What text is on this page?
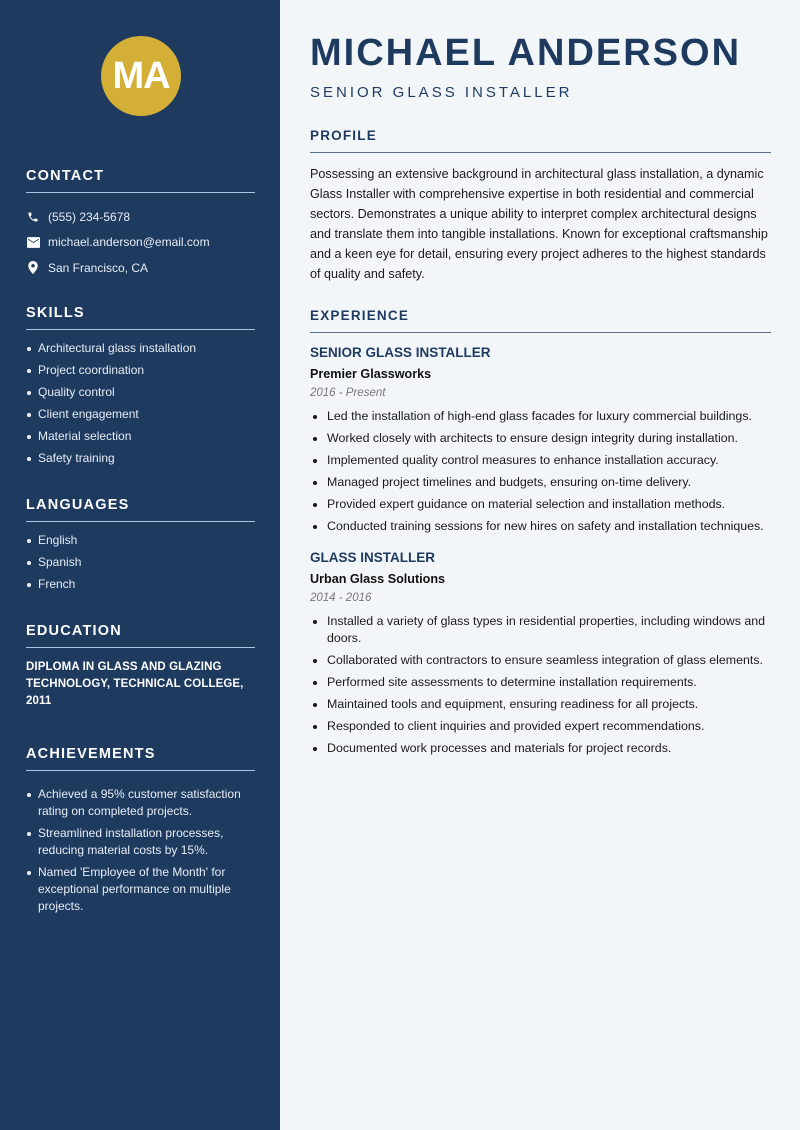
MA
CONTACT
(555) 234-5678
michael.anderson@email.com
San Francisco, CA
SKILLS
Architectural glass installation
Project coordination
Quality control
Client engagement
Material selection
Safety training
LANGUAGES
English
Spanish
French
EDUCATION

DIPLOMA IN GLASS AND GLAZING TECHNOLOGY, TECHNICAL COLLEGE, 2011

ACHIEVEMENTS
Achieved a 95% customer satisfaction rating on completed projects.
Streamlined installation processes, reducing material costs by 15%.
Named 'Employee of the Month' for exceptional performance on multiple projects.
MICHAEL ANDERSON
SENIOR GLASS INSTALLER
PROFILE

Possessing an extensive background in architectural glass installation, a dynamic Glass Installer with comprehensive expertise in both residential and commercial sectors. Demonstrates a unique ability to interpret complex architectural designs and translate them into tangible installations. Known for exceptional craftsmanship and a keen eye for detail, ensuring every project adheres to the highest standards of quality and safety.

EXPERIENCE
SENIOR GLASS INSTALLER
Premier Glassworks
2016 - Present
Led the installation of high-end glass facades for luxury commercial buildings.
Worked closely with architects to ensure design integrity during installation.
Implemented quality control measures to enhance installation accuracy.
Managed project timelines and budgets, ensuring on-time delivery.
Provided expert guidance on material selection and installation methods.
Conducted training sessions for new hires on safety and installation techniques.
GLASS INSTALLER
Urban Glass Solutions
2014 - 2016
Installed a variety of glass types in residential properties, including windows and doors.
Collaborated with contractors to ensure seamless integration of glass elements.
Performed site assessments to determine installation requirements.
Maintained tools and equipment, ensuring readiness for all projects.
Responded to client inquiries and provided expert recommendations.
Documented work processes and materials for project records.
